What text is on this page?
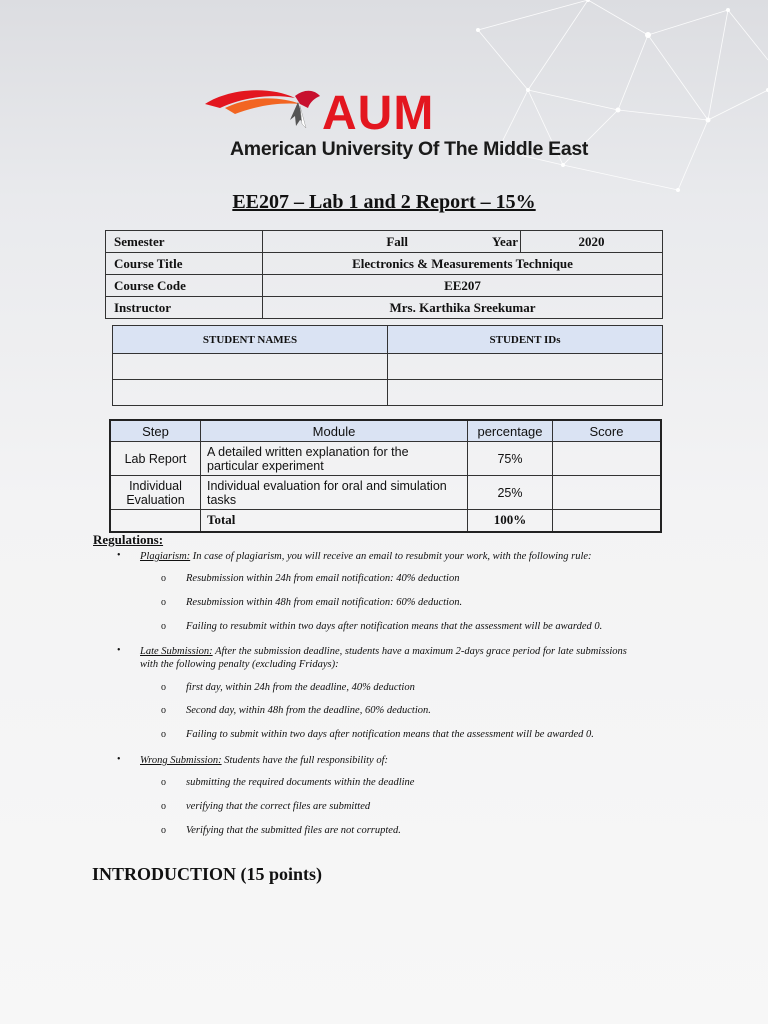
AUM
American University Of The Middle East
EE207 – Lab 1 and 2 Report – 15%
Semester	Fall Year	2020
Course Title	Electronics & Measurements Technique	
Course Code	EE207	
Instructor	Mrs. Karthika Sreekumar	
STUDENT NAMES	STUDENT IDs

Step	Module	percentage	Score
Lab Report	A detailed written explanation for the particular experiment	75%	
Individual Evaluation	Individual evaluation for oral and simulation tasks	25%	
	Total	100%	
Regulations:
• Plagiarism: In case of plagiarism, you will receive an email to resubmit your work, with the following rule:
o Resubmission within 24h from email notification: 40% deduction
o Resubmission within 48h from email notification: 60% deduction.
o Failing to resubmit within two days after notification means that the assessment will be awarded 0.
• Late Submission: After the submission deadline, students have a maximum 2-days grace period for late submissions with the following penalty (excluding Fridays):
o first day, within 24h from the deadline, 40% deduction
o Second day, within 48h from the deadline, 60% deduction.
o Failing to submit within two days after notification means that the assessment will be awarded 0.
• Wrong Submission: Students have the full responsibility of:
o submitting the required documents within the deadline
o verifying that the correct files are submitted
o Verifying that the submitted files are not corrupted.
INTRODUCTION (15 points)
